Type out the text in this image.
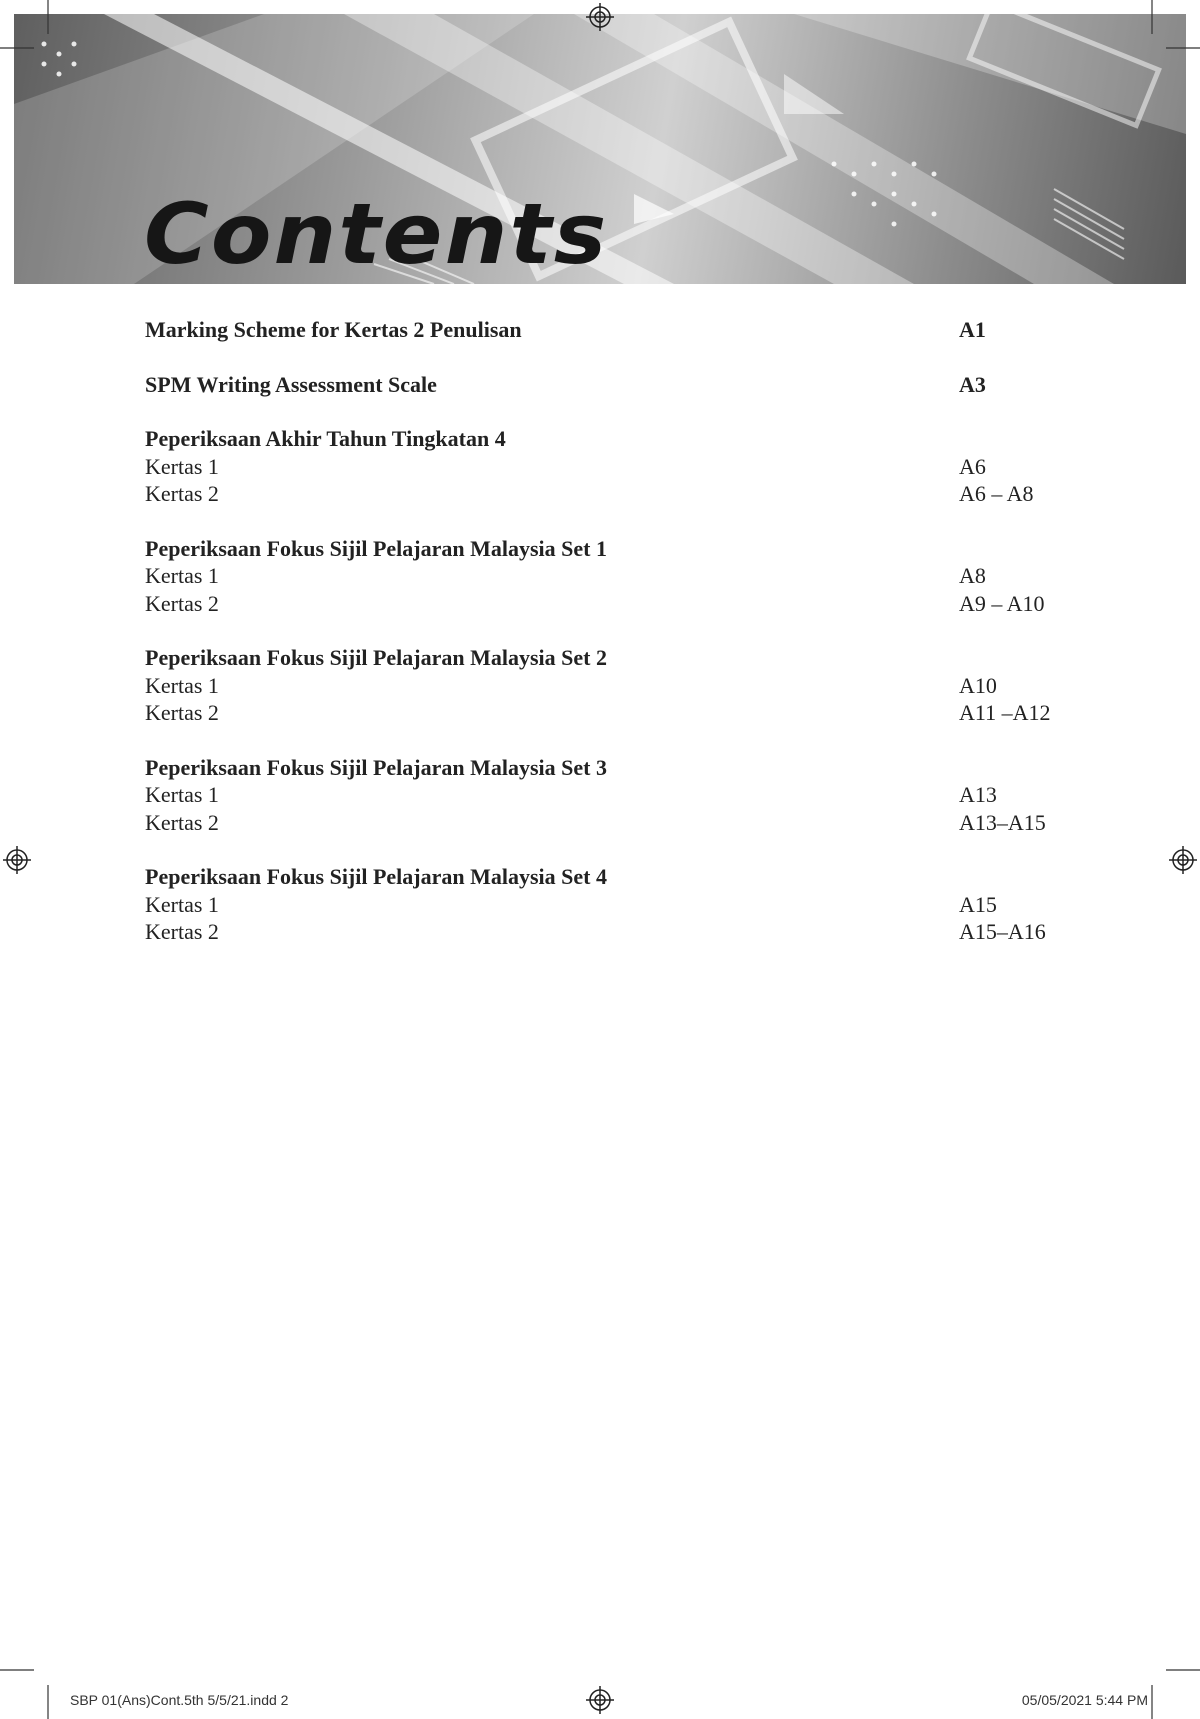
Contents
Marking Scheme for Kertas 2 Penulisan	A1
SPM Writing Assessment Scale	A3
Peperiksaan Akhir Tahun Tingkatan 4
Kertas 1	A6
Kertas 2	A6 – A8
Peperiksaan Fokus Sijil Pelajaran Malaysia Set 1
Kertas 1	A8
Kertas 2	A9 – A10
Peperiksaan Fokus Sijil Pelajaran Malaysia Set 2
Kertas 1	A10
Kertas 2	A11 –A12
Peperiksaan Fokus Sijil Pelajaran Malaysia Set 3
Kertas 1	A13
Kertas 2	A13–A15
Peperiksaan Fokus Sijil Pelajaran Malaysia Set 4
Kertas 1	A15
Kertas 2	A15–A16
SBP 01(Ans)Cont.5th 5/5/21.indd 2	05/05/2021 5:44 PM
